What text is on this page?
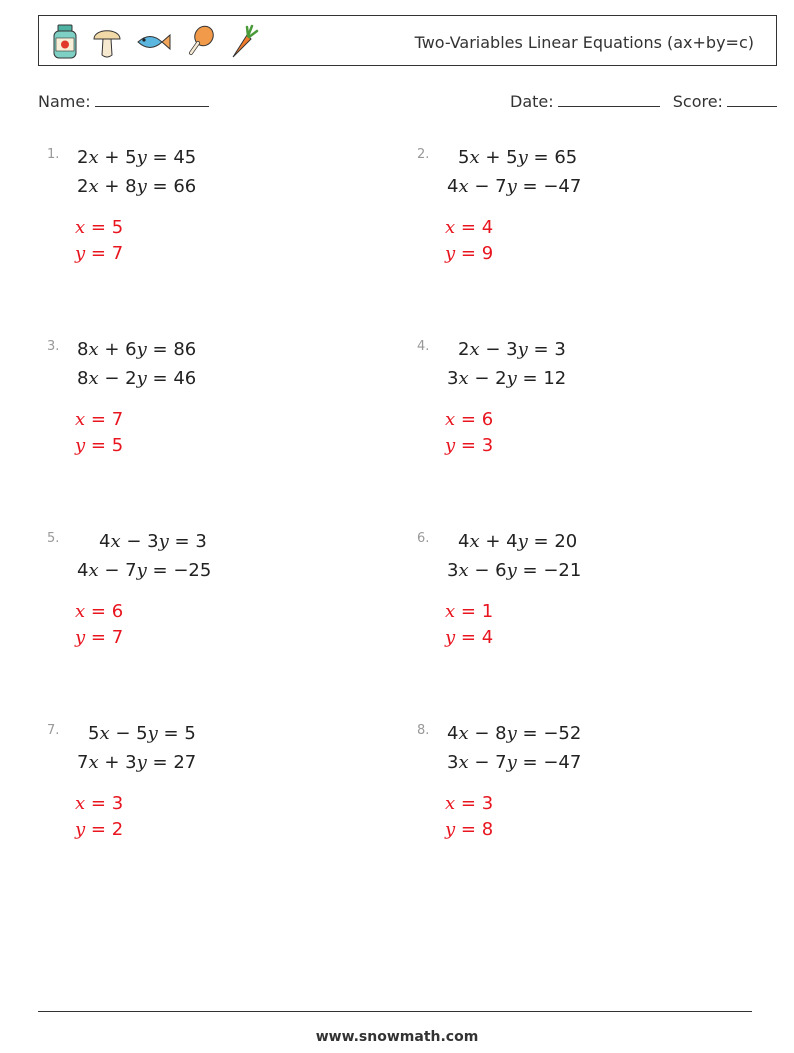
Two-Variables Linear Equations (ax+by=c)
Name:	Date:	Score:
1. 2x + 5y = 45
2x + 8y = 66
x = 5
y = 7
2. 5x + 5y = 65
4x − 7y = −47
x = 4
y = 9
3. 8x + 6y = 86
8x − 2y = 46
x = 7
y = 5
4. 2x − 3y = 3
3x − 2y = 12
x = 6
y = 3
5. 4x − 3y = 3
4x − 7y = −25
x = 6
y = 7
6. 4x + 4y = 20
3x − 6y = −21
x = 1
y = 4
7. 5x − 5y = 5
7x + 3y = 27
x = 3
y = 2
8. 4x − 8y = −52
3x − 7y = −47
x = 3
y = 8
www.snowmath.com
